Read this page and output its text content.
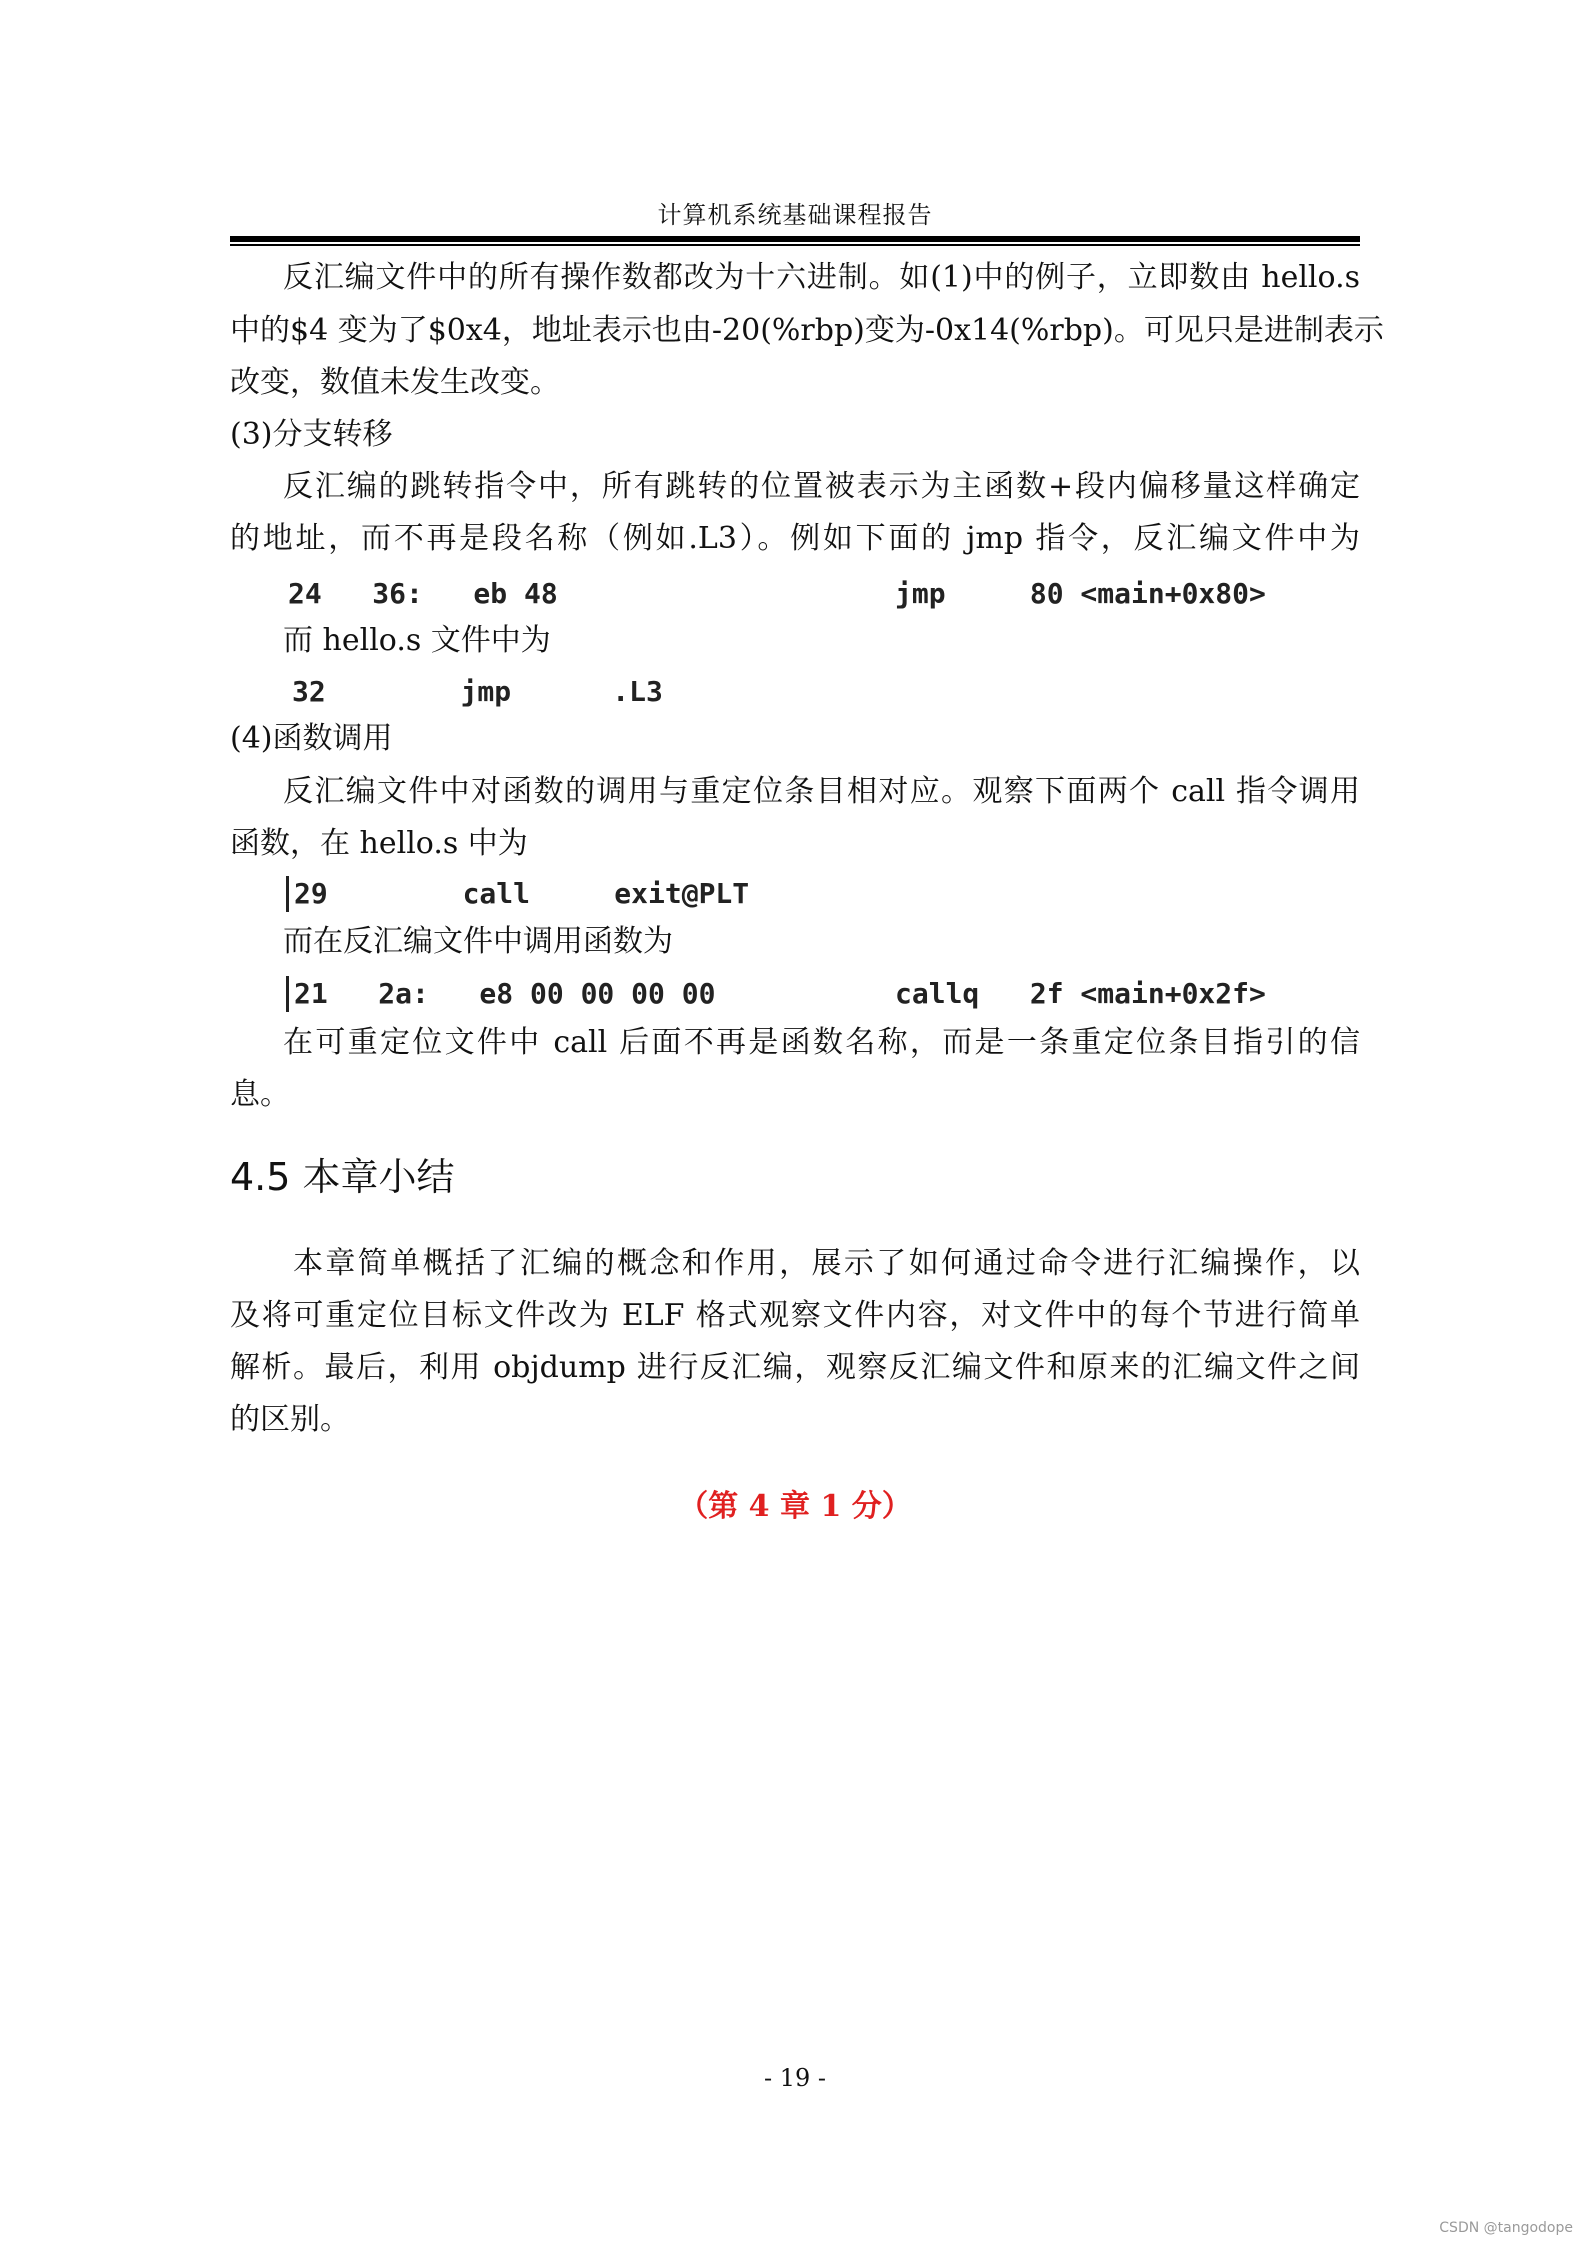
计算机系统基础课程报告
反汇编文件中的所有操作数都改为十六进制。如(1)中的例子，立即数由 hello.s
中的$4 变为了$0x4，地址表示也由-20(%rbp)变为-0x14(%rbp)。可见只是进制表示
改变，数值未发生改变。
(3)分支转移
反汇编的跳转指令中，所有跳转的位置被表示为主函数+段内偏移量这样确定
的地址，而不再是段名称（例如.L3）。例如下面的 jmp 指令，反汇编文件中为
24   36:   eb 48	jmp     80 <main+0x80>
而 hello.s 文件中为
32        jmp      .L3
(4)函数调用
反汇编文件中对函数的调用与重定位条目相对应。观察下面两个 call 指令调用
函数，在 hello.s 中为
29        call     exit@PLT
而在反汇编文件中调用函数为
21   2a:   e8 00 00 00 00	callq   2f <main+0x2f>
在可重定位文件中 call 后面不再是函数名称，而是一条重定位条目指引的信
息。
4.5 本章小结
本章简单概括了汇编的概念和作用，展示了如何通过命令进行汇编操作，以
及将可重定位目标文件改为 ELF 格式观察文件内容，对文件中的每个节进行简单
解析。最后，利用 objdump 进行反汇编，观察反汇编文件和原来的汇编文件之间
的区别。
（第 4 章 1 分）
- 19 -
CSDN @tangodope
